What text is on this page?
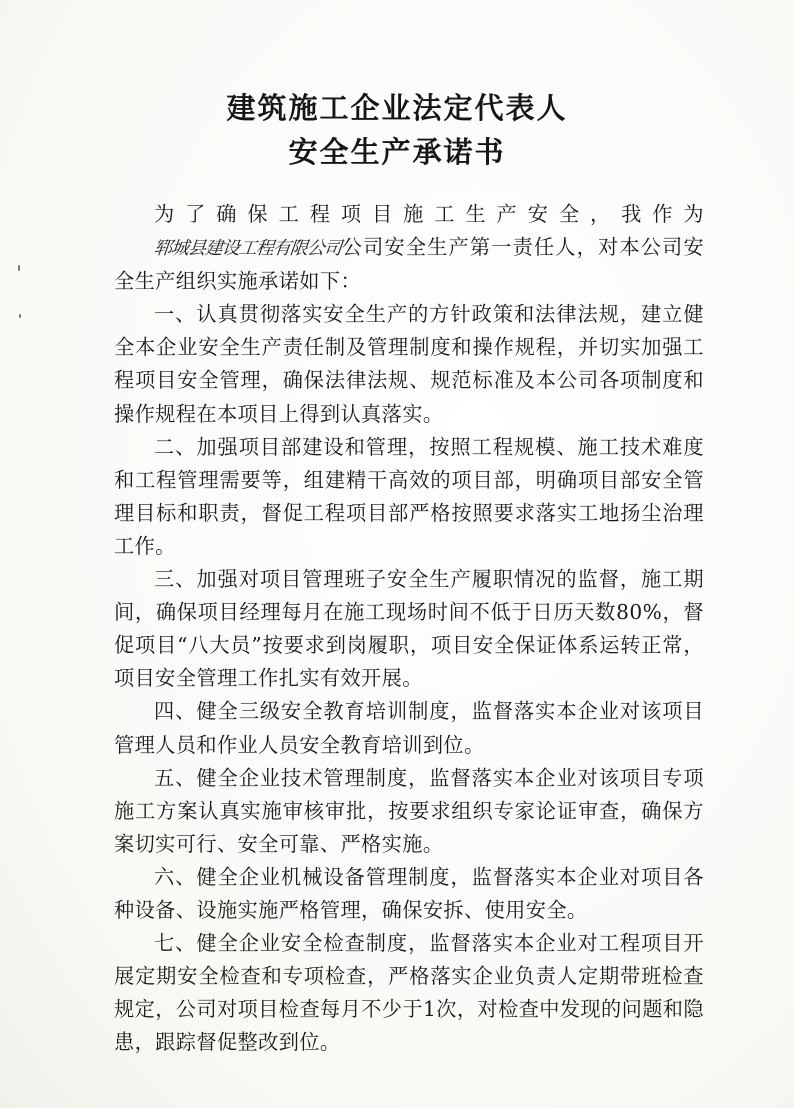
建筑施工企业法定代表人
安全生产承诺书

为了确保工程项目施工生产安全，我作为郓城县建设工程有限公司公司安全生产第一责任人，对本公司安全生产组织实施承诺如下：

一、认真贯彻落实安全生产的方针政策和法律法规，建立健全本企业安全生产责任制及管理制度和操作规程，并切实加强工程项目安全管理，确保法律法规、规范标准及本公司各项制度和操作规程在本项目上得到认真落实。

二、加强项目部建设和管理，按照工程规模、施工技术难度和工程管理需要等，组建精干高效的项目部，明确项目部安全管理目标和职责，督促工程项目部严格按照要求落实工地扬尘治理工作。

三、加强对项目管理班子安全生产履职情况的监督，施工期间，确保项目经理每月在施工现场时间不低于日历天数80%，督促项目“八大员”按要求到岗履职，项目安全保证体系运转正常，项目安全管理工作扎实有效开展。

四、健全三级安全教育培训制度，监督落实本企业对该项目管理人员和作业人员安全教育培训到位。

五、健全企业技术管理制度，监督落实本企业对该项目专项施工方案认真实施审核审批，按要求组织专家论证审查，确保方案切实可行、安全可靠、严格实施。

六、健全企业机械设备管理制度，监督落实本企业对项目各种设备、设施实施严格管理，确保安拆、使用安全。

七、健全企业安全检查制度，监督落实本企业对工程项目开展定期安全检查和专项检查，严格落实企业负责人定期带班检查规定，公司对项目检查每月不少于1次，对检查中发现的问题和隐患，跟踪督促整改到位。
